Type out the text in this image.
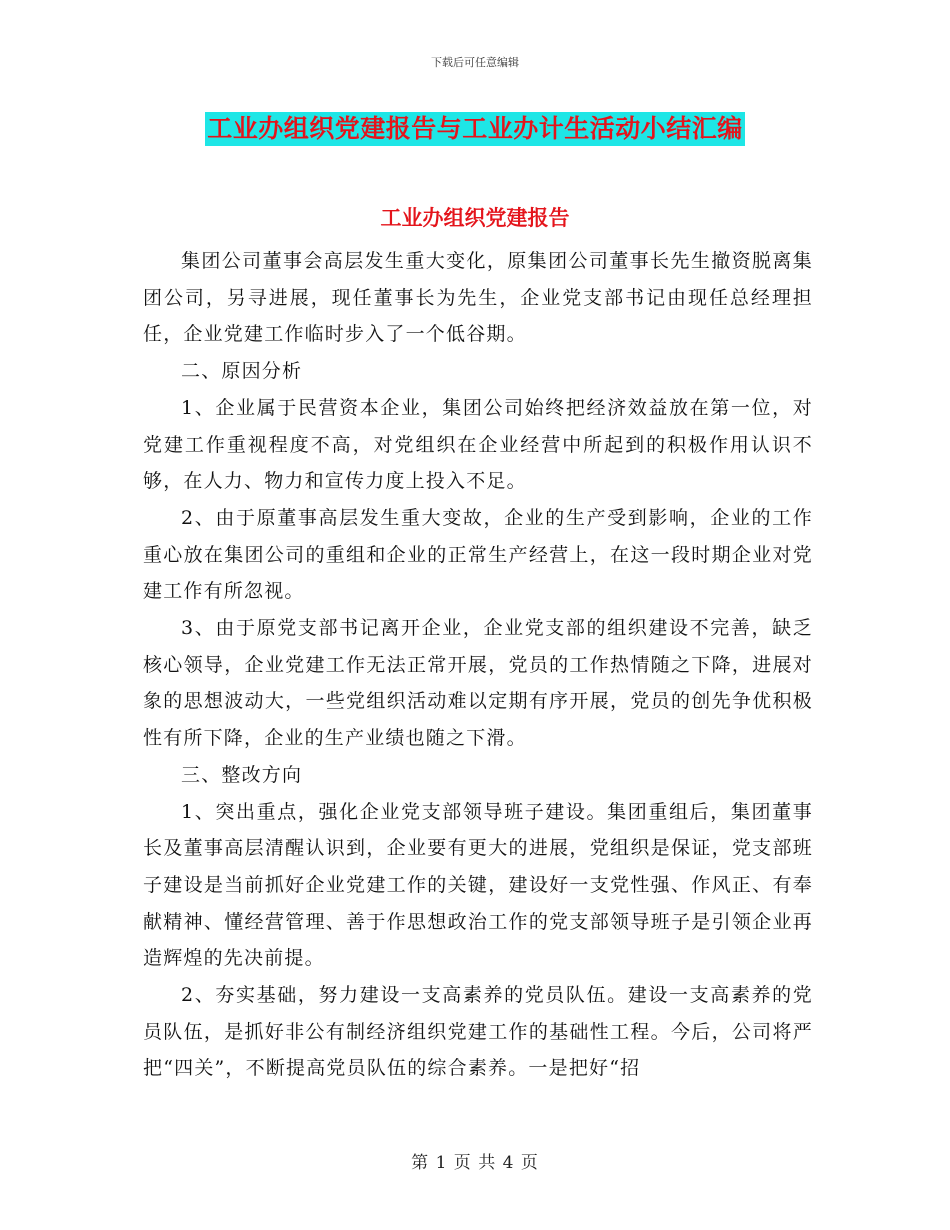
下载后可任意编辑
工业办组织党建报告与工业办计生活动小结汇编
工业办组织党建报告

集团公司董事会高层发生重大变化，原集团公司董事长先生撤资脱离集团公司，另寻进展，现任董事长为先生，企业党支部书记由现任总经理担任，企业党建工作临时步入了一个低谷期。

二、原因分析

1、企业属于民营资本企业，集团公司始终把经济效益放在第一位，对党建工作重视程度不高，对党组织在企业经营中所起到的积极作用认识不够，在人力、物力和宣传力度上投入不足。

2、由于原董事高层发生重大变故，企业的生产受到影响，企业的工作重心放在集团公司的重组和企业的正常生产经营上，在这一段时期企业对党建工作有所忽视。

3、由于原党支部书记离开企业，企业党支部的组织建设不完善，缺乏核心领导，企业党建工作无法正常开展，党员的工作热情随之下降，进展对象的思想波动大，一些党组织活动难以定期有序开展，党员的创先争优积极性有所下降，企业的生产业绩也随之下滑。

三、整改方向

1、突出重点，强化企业党支部领导班子建设。集团重组后，集团董事长及董事高层清醒认识到，企业要有更大的进展，党组织是保证，党支部班子建设是当前抓好企业党建工作的关键，建设好一支党性强、作风正、有奉献精神、懂经营管理、善于作思想政治工作的党支部领导班子是引领企业再造辉煌的先决前提。

2、夯实基础，努力建设一支高素养的党员队伍。建设一支高素养的党员队伍，是抓好非公有制经济组织党建工作的基础性工程。今后，公司将严把“四关”，不断提高党员队伍的综合素养。一是把好“招

第 1 页 共 4 页
